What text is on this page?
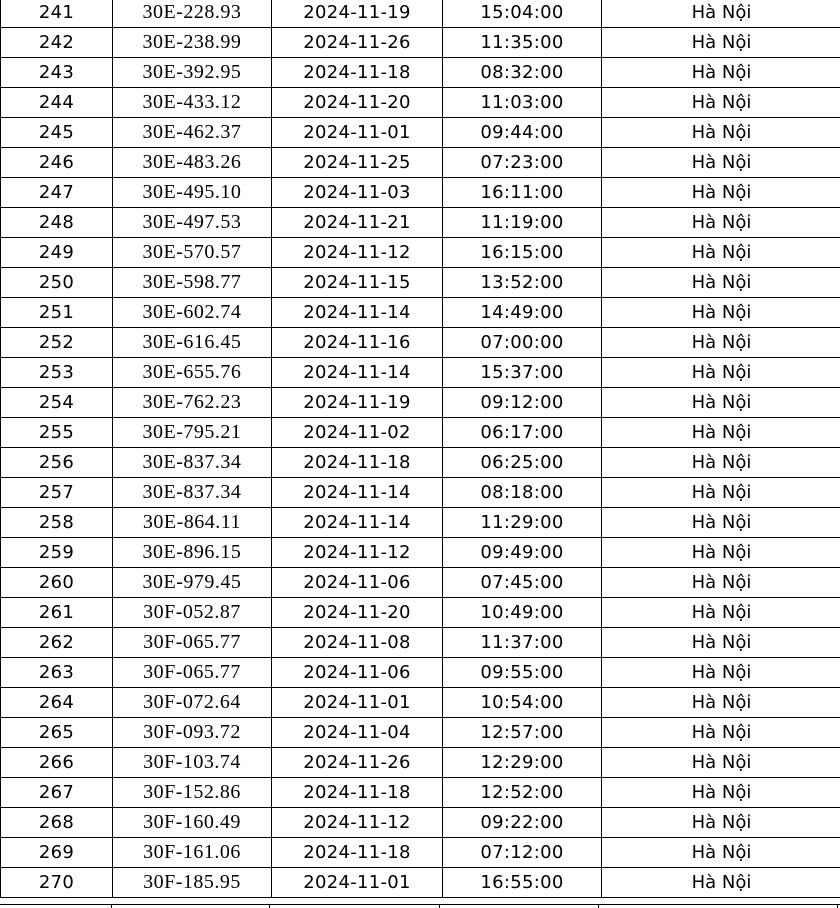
241	30E-228.93	2024-11-19	15:04:00	Hà Nội
242	30E-238.99	2024-11-26	11:35:00	Hà Nội
243	30E-392.95	2024-11-18	08:32:00	Hà Nội
244	30E-433.12	2024-11-20	11:03:00	Hà Nội
245	30E-462.37	2024-11-01	09:44:00	Hà Nội
246	30E-483.26	2024-11-25	07:23:00	Hà Nội
247	30E-495.10	2024-11-03	16:11:00	Hà Nội
248	30E-497.53	2024-11-21	11:19:00	Hà Nội
249	30E-570.57	2024-11-12	16:15:00	Hà Nội
250	30E-598.77	2024-11-15	13:52:00	Hà Nội
251	30E-602.74	2024-11-14	14:49:00	Hà Nội
252	30E-616.45	2024-11-16	07:00:00	Hà Nội
253	30E-655.76	2024-11-14	15:37:00	Hà Nội
254	30E-762.23	2024-11-19	09:12:00	Hà Nội
255	30E-795.21	2024-11-02	06:17:00	Hà Nội
256	30E-837.34	2024-11-18	06:25:00	Hà Nội
257	30E-837.34	2024-11-14	08:18:00	Hà Nội
258	30E-864.11	2024-11-14	11:29:00	Hà Nội
259	30E-896.15	2024-11-12	09:49:00	Hà Nội
260	30E-979.45	2024-11-06	07:45:00	Hà Nội
261	30F-052.87	2024-11-20	10:49:00	Hà Nội
262	30F-065.77	2024-11-08	11:37:00	Hà Nội
263	30F-065.77	2024-11-06	09:55:00	Hà Nội
264	30F-072.64	2024-11-01	10:54:00	Hà Nội
265	30F-093.72	2024-11-04	12:57:00	Hà Nội
266	30F-103.74	2024-11-26	12:29:00	Hà Nội
267	30F-152.86	2024-11-18	12:52:00	Hà Nội
268	30F-160.49	2024-11-12	09:22:00	Hà Nội
269	30F-161.06	2024-11-18	07:12:00	Hà Nội
270	30F-185.95	2024-11-01	16:55:00	Hà Nội
